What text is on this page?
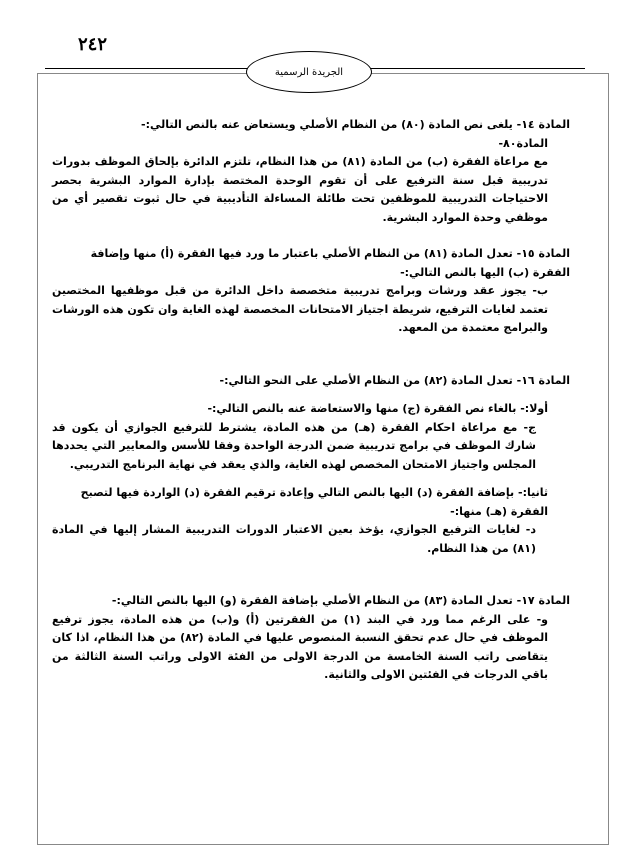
٢٤٢
الجريدة الرسمية

المادة ١٤- يلغى نص المادة (٨٠) من النظام الأصلي ويستعاض عنه بالنص التالي:-

المادة٨٠-

مع مراعاة الفقرة (ب) من المادة (٨١) من هذا النظام، تلتزم الدائرة بإلحاق الموظف بدورات تدريبية قبل سنة الترفيع على أن تقوم الوحدة المختصة بإدارة الموارد البشرية بحصر الاحتياجات التدريبية للموظفين تحت طائلة المساءلة التأديبية في حال ثبوت تقصير أي من موظفي وحدة الموارد البشرية.

المادة ١٥- تعدل المادة (٨١) من النظام الأصلي باعتبار ما ورد فيها الفقرة (أ) منها وإضافة الفقرة (ب) اليها بالنص التالي:-

ب- يجوز عقد ورشات وبرامج تدريبية متخصصة داخل الدائرة من قبل موظفيها المختصين تعتمد لغايات الترفيع، شريطة اجتياز الامتحانات المخصصة لهذه الغاية وان تكون هذه الورشات والبرامج معتمدة من المعهد.

المادة ١٦- تعدل المادة (٨٢) من النظام الأصلي على النحو التالي:-

أولا:- بالغاء نص الفقرة (ج) منها والاستعاضة عنه بالنص التالي:-

ج- مع مراعاة احكام الفقرة (هـ) من هذه المادة، يشترط للترفيع الجوازي أن يكون قد شارك الموظف في برامج تدريبية ضمن الدرجة الواحدة وفقا للأسس والمعايير التي يحددها المجلس واجتياز الامتحان المخصص لهذه الغاية، والذي يعقد في نهاية البرنامج التدريبي.

ثانيا:- بإضافة الفقرة (د) اليها بالنص التالي وإعادة ترقيم الفقرة (د) الواردة فيها لتصبح الفقرة (هـ) منها:-

د- لغايات الترفيع الجوازي، يؤخذ بعين الاعتبار الدورات التدريبية المشار إليها في المادة (٨١) من هذا النظام.

المادة ١٧- تعدل المادة (٨٣) من النظام الأصلي بإضافة الفقرة (و) اليها بالنص التالي:-

و- على الرغم مما ورد في البند (١) من الفقرتين (أ) و(ب) من هذه المادة، يجوز ترفيع الموظف في حال عدم تحقق النسبة المنصوص عليها في المادة (٨٢) من هذا النظام، اذا كان يتقاضى راتب السنة الخامسة من الدرجة الاولى من الفئة الاولى وراتب السنة الثالثة من باقي الدرجات في الفئتين الاولى والثانية.
